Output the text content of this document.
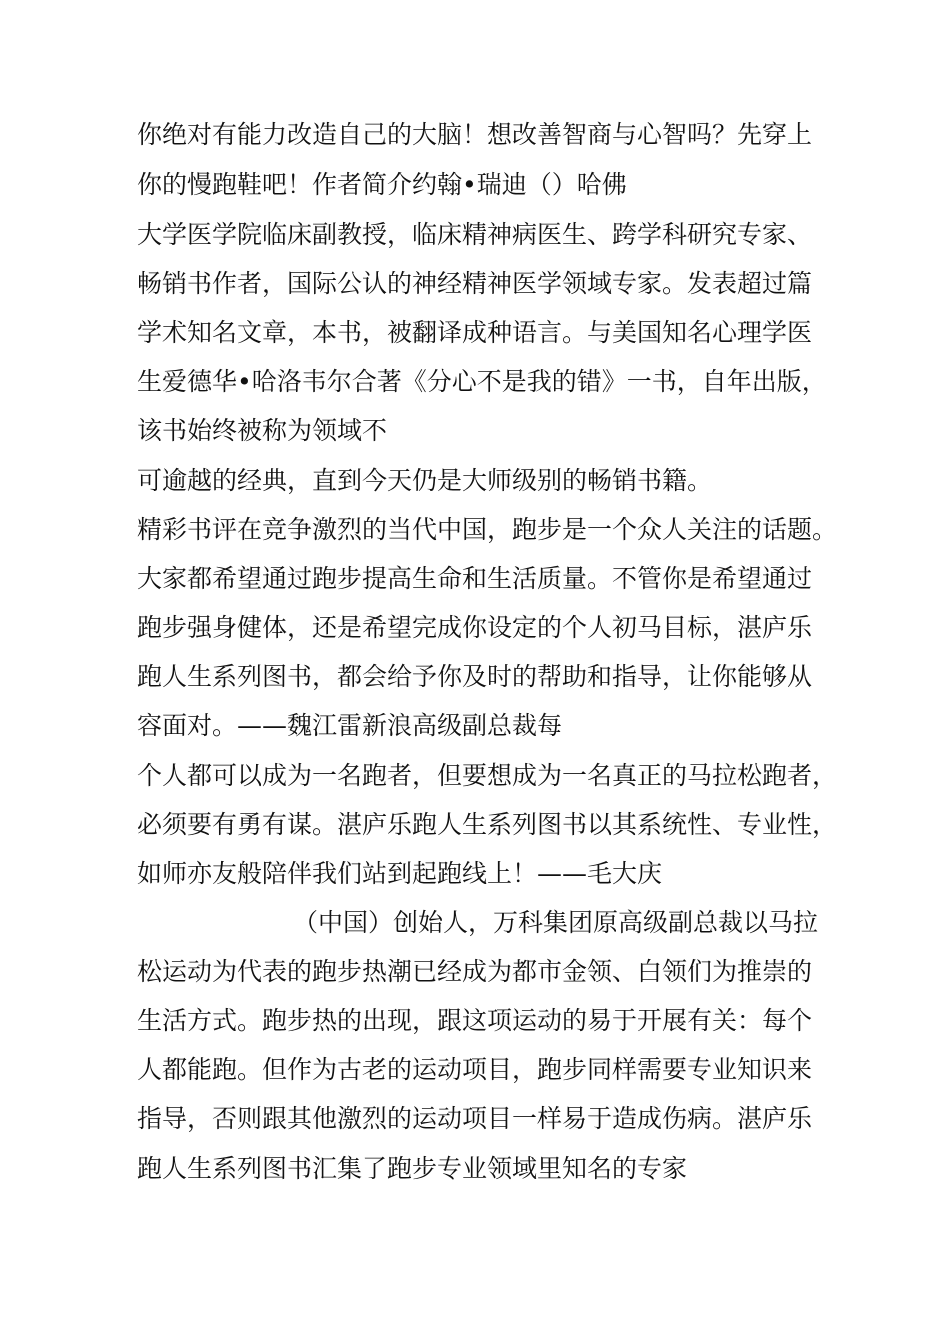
你绝对有能力改造自己的大脑！想改善智商与心智吗？先穿上

你的慢跑鞋吧！作者简介约翰•瑞迪（）哈佛

大学医学院临床副教授，临床精神病医生、跨学科研究专家、

畅销书作者，国际公认的神经精神医学领域专家。发表超过篇

学术知名文章，本书，被翻译成种语言。与美国知名心理学医

生爱德华•哈洛韦尔合著《分心不是我的错》一书，自年出版，

该书始终被称为领域不

可逾越的经典，直到今天仍是大师级别的畅销书籍。

精彩书评在竞争激烈的当代中国，跑步是一个众人关注的话题。

大家都希望通过跑步提高生命和生活质量。不管你是希望通过

跑步强身健体，还是希望完成你设定的个人初马目标，湛庐乐

跑人生系列图书，都会给予你及时的帮助和指导，让你能够从

容面对。——魏江雷新浪高级副总裁每

个人都可以成为一名跑者，但要想成为一名真正的马拉松跑者，

必须要有勇有谋。湛庐乐跑人生系列图书以其系统性、专业性，

如师亦友般陪伴我们站到起跑线上！——毛大庆

（中国）创始人，万科集团原高级副总裁以马拉

松运动为代表的跑步热潮已经成为都市金领、白领们为推崇的

生活方式。跑步热的出现，跟这项运动的易于开展有关：每个

人都能跑。但作为古老的运动项目，跑步同样需要专业知识来

指导，否则跟其他激烈的运动项目一样易于造成伤病。湛庐乐

跑人生系列图书汇集了跑步专业领域里知名的专家
